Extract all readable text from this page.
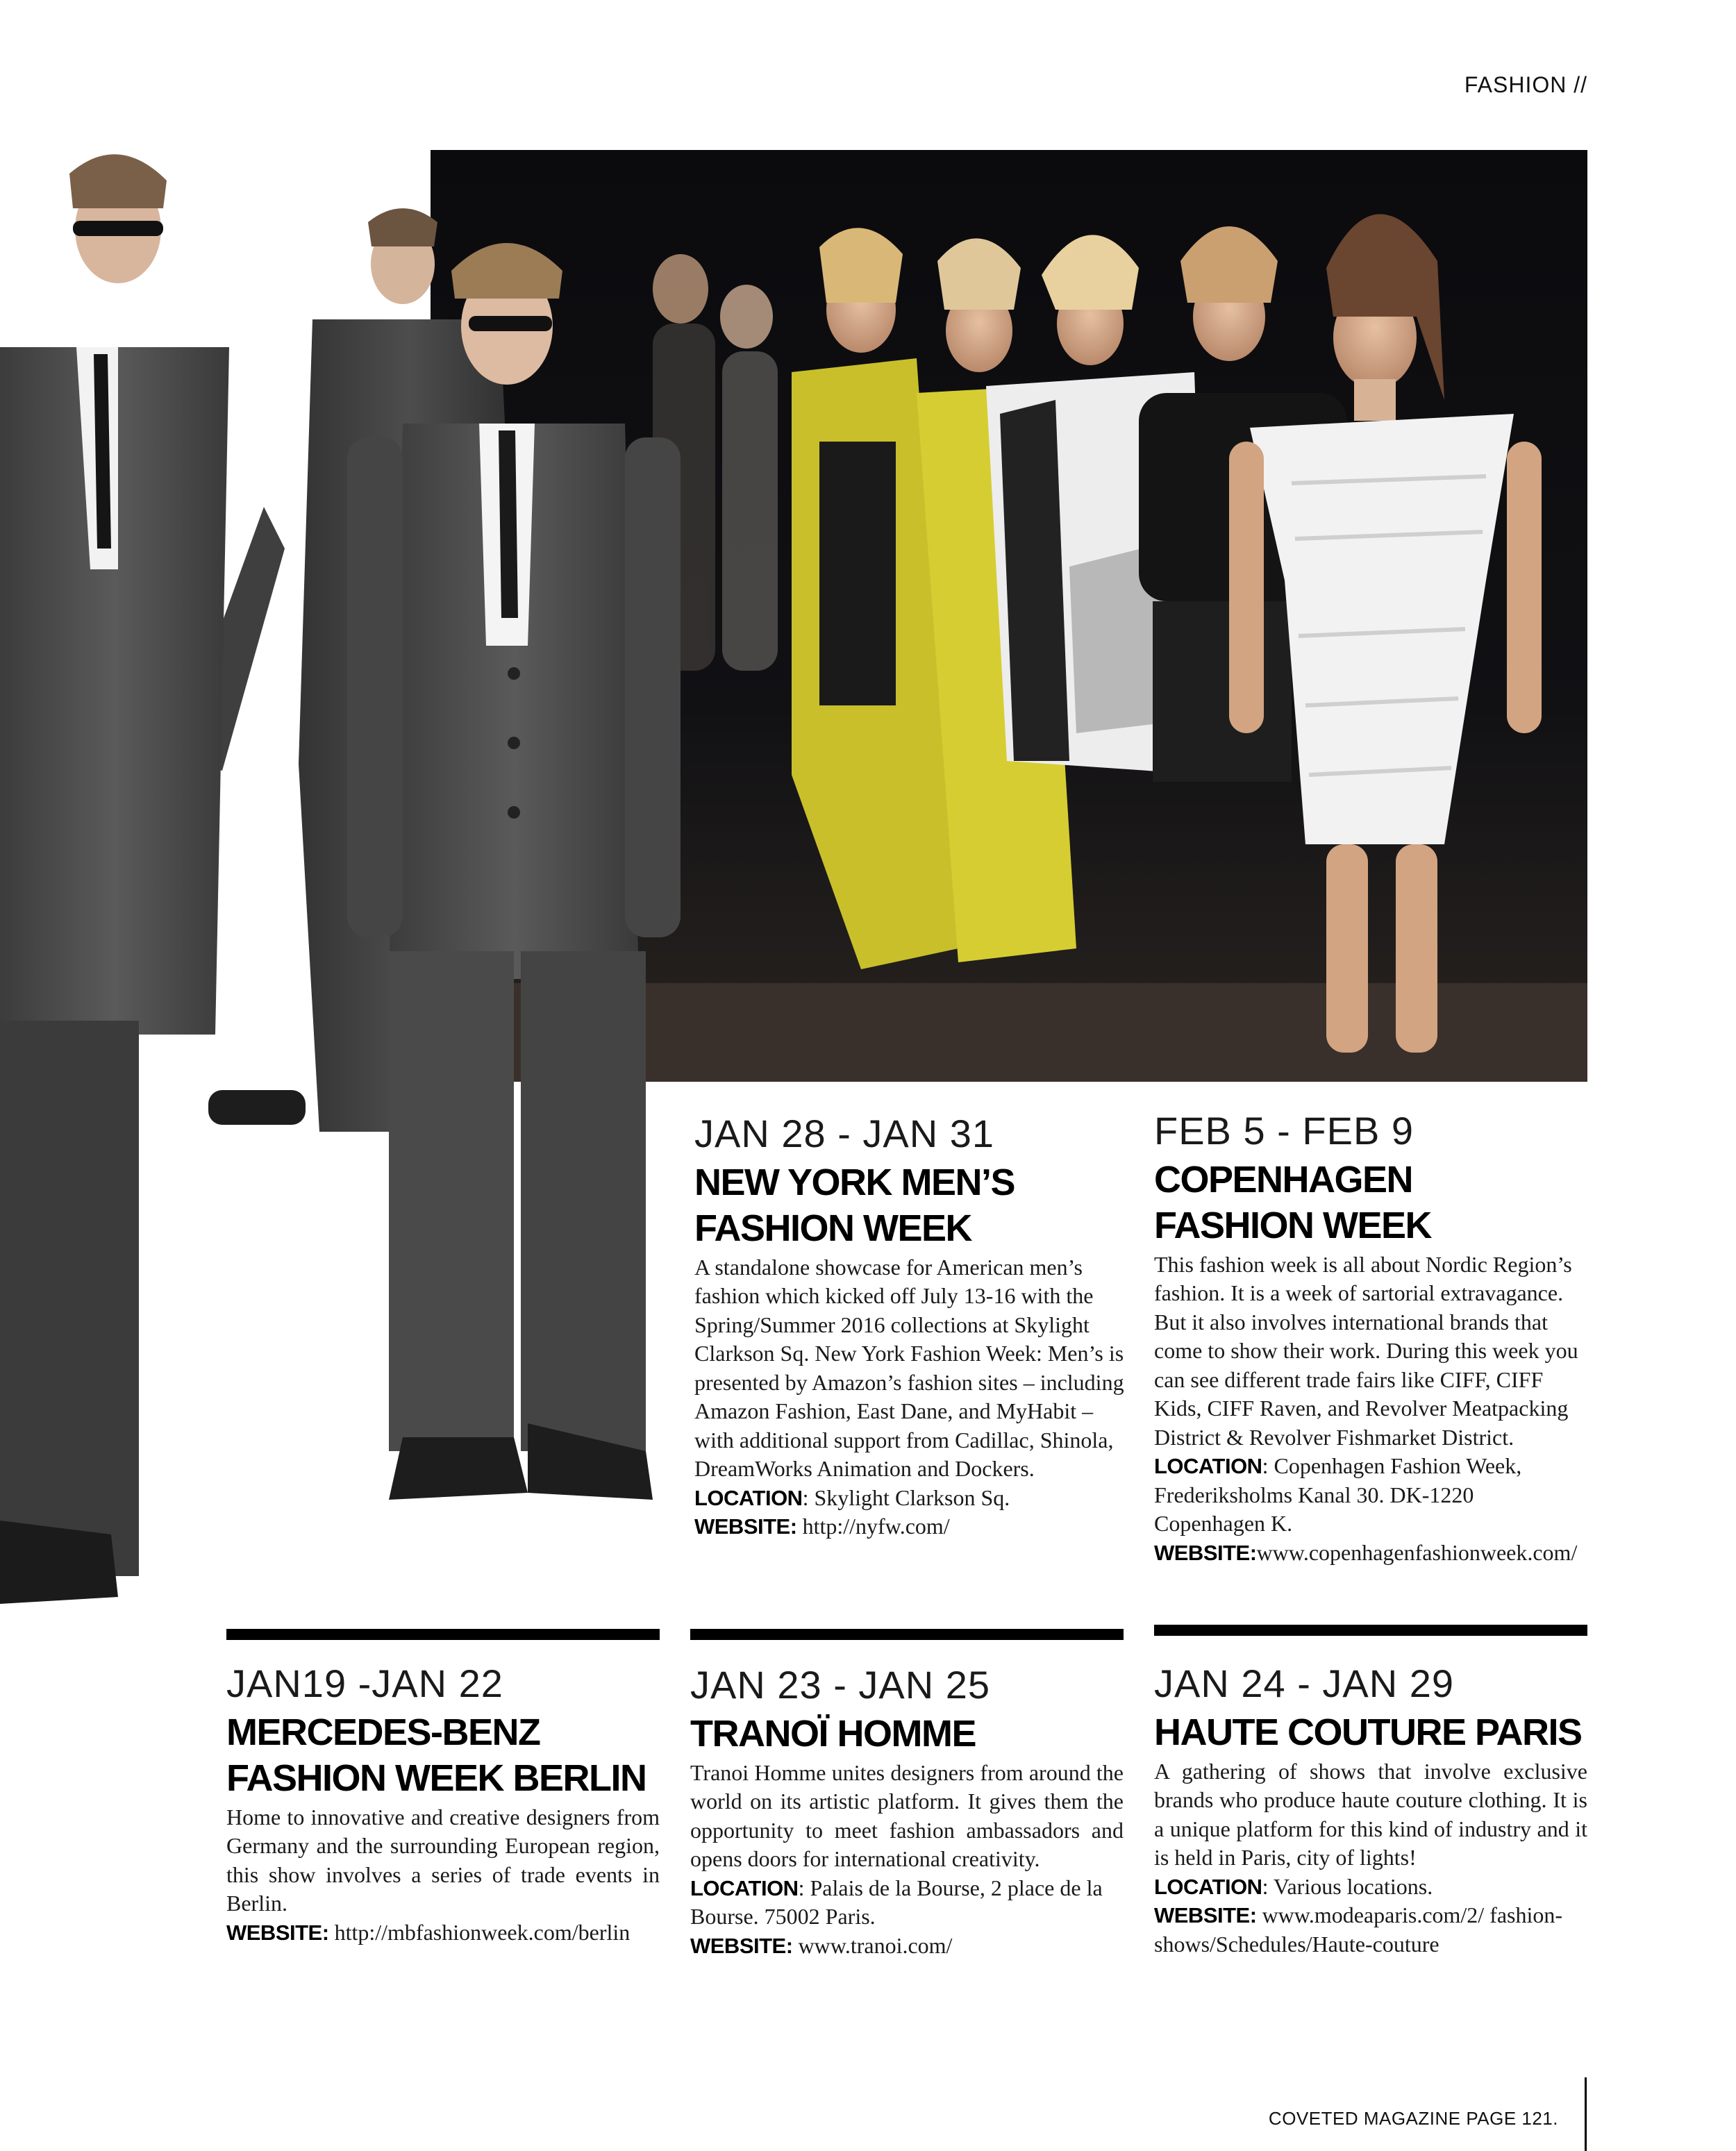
FASHION //
JAN 28 - JAN 31
NEW YORK MEN’S
FASHION WEEK
A standalone showcase for American men’s fashion which kicked off July 13-16 with the Spring/Summer 2016 collections at Skylight Clarkson Sq. New York Fashion Week: Men’s is presented by Amazon’s fashion sites – including Amazon Fashion, East Dane, and MyHabit – with additional support from Cadillac, Shinola, DreamWorks Animation and Dockers.
LOCATION: Skylight Clarkson Sq.
WEBSITE: http://nyfw.com/
FEB 5 - FEB 9
COPENHAGEN
FASHION WEEK
This fashion week is all about Nordic Region’s fashion. It is a week of sartorial extravagance. But it also involves international brands that come to show their work. During this week you can see different trade fairs like CIFF, CIFF Kids, CIFF Raven, and Revolver Meatpacking District & Revolver Fishmarket District.
LOCATION: Copenhagen Fashion Week, Frederiksholms Kanal 30. DK-1220 Copenhagen K.
WEBSITE:www.copenhagenfashionweek.com/
JAN19 -JAN 22
MERCEDES-BENZ
FASHION WEEK BERLIN
Home to innovative and creative designers from Germany and the surrounding European region, this show involves a series of trade events in Berlin.
WEBSITE: http://mbfashionweek.com/berlin
JAN 23 - JAN 25
TRANOÏ HOMME
Tranoi Homme unites designers from around the world on its artistic platform. It gives them the opportunity to meet fashion ambassadors and opens doors for international creativity.
LOCATION: Palais de la Bourse, 2 place de la Bourse. 75002 Paris.
WEBSITE: www.tranoi.com/
JAN 24 - JAN 29
HAUTE COUTURE PARIS
A gathering of shows that involve exclusive brands who produce haute couture clothing. It is a unique platform for this kind of industry and it is held in Paris, city of lights!
LOCATION: Various locations.
WEBSITE: www.modeaparis.com/2/ fashion-shows/Schedules/Haute-couture
COVETED MAGAZINE PAGE 121.
